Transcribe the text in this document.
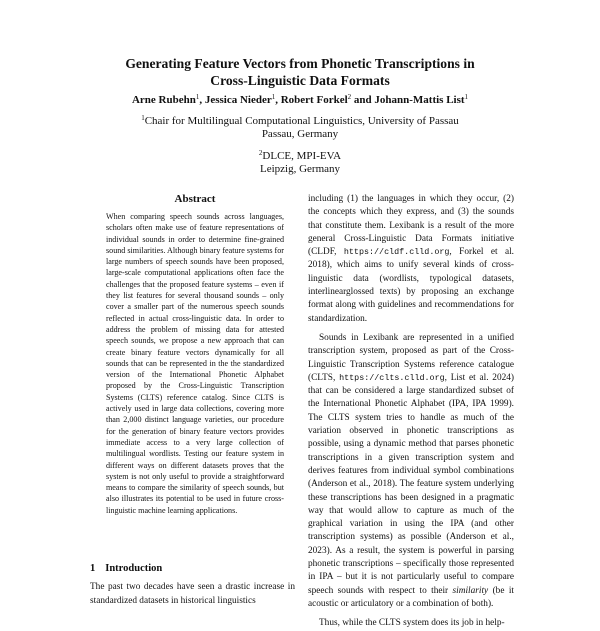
Generating Feature Vectors from Phonetic Transcriptions in
Cross-Linguistic Data Formats
Arne Rubehn$^1$, Jessica Nieder$^1$, Robert Forkel$^2$ and Johann-Mattis List$^1$
$^1$Chair for Multilingual Computational Linguistics, University of Passau
Passau, Germany
$^2$DLCE, MPI-EVA
Leipzig, Germany
Abstract

When comparing speech sounds across languages, scholars often make use of feature representations of individual sounds in order to determine fine-grained sound similarities. Although binary feature systems for large numbers of speech sounds have been proposed, large-scale computational applications often face the challenges that the proposed feature systems – even if they list features for several thousand sounds – only cover a smaller part of the numerous speech sounds reflected in actual cross-linguistic data. In order to address the problem of missing data for attested speech sounds, we propose a new approach that can create binary feature vectors dynamically for all sounds that can be represented in the the standardized version of the International Phonetic Alphabet proposed by the Cross-Linguistic Transcription Systems (CLTS) reference catalog. Since CLTS is actively used in large data collections, covering more than 2,000 distinct language varieties, our procedure for the generation of binary feature vectors provides immediate access to a very large collection of multilingual wordlists. Testing our feature system in different ways on different datasets proves that the system is not only useful to provide a straightforward means to compare the similarity of speech sounds, but also illustrates its potential to be used in future cross-linguistic machine learning applications.

1 Introduction

The past two decades have seen a drastic increase in standardized datasets in historical linguistics

including (1) the languages in which they occur, (2) the concepts which they express, and (3) the sounds that constitute them. Lexibank is a result of the more general Cross-Linguistic Data Formats initiative (CLDF, https://cldf.clld.org, Forkel et al. 2018), which aims to unify several kinds of cross-linguistic data (wordlists, typological datasets, interlinearglossed texts) by proposing an exchange format along with guidelines and recommendations for standardization.

Sounds in Lexibank are represented in a unified transcription system, proposed as part of the Cross-Linguistic Transcription Systems reference catalogue (CLTS, https://clts.clld.org, List et al. 2024) that can be considered a large standardized subset of the International Phonetic Alphabet (IPA, IPA 1999). The CLTS system tries to handle as much of the variation observed in phonetic transcriptions as possible, using a dynamic method that parses phonetic transcriptions in a given transcription system and derives features from individual symbol combinations (Anderson et al., 2018). The feature system underlying these transcriptions has been designed in a pragmatic way that would allow to capture as much of the graphical variation in using the IPA (and other transcription systems) as possible (Anderson et al., 2023). As a result, the system is powerful in parsing phonetic transcriptions – specifically those represented in IPA – but it is not particularly useful to compare speech sounds with respect to their similarity (be it acoustic or articulatory or a combination of both).

Thus, while the CLTS system does its job in help-
